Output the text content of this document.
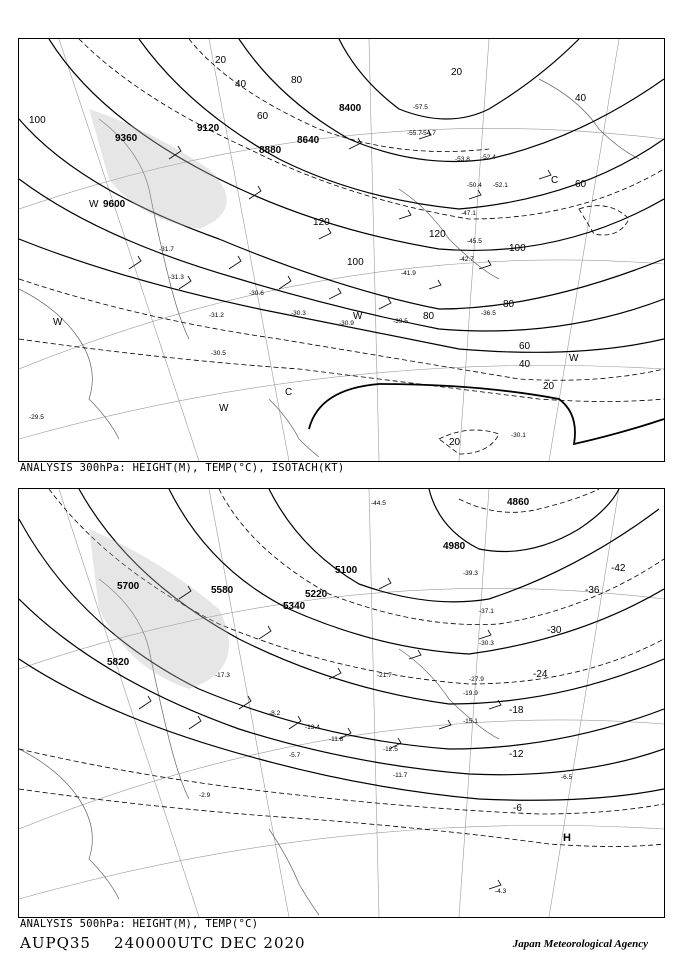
9360
9120
8880
8640
8400
9600
100
120
80
60
40
20
20
20
40
60
80
100
120
100
80
60
40
20
-31.7
-31.3
-30.6
-30.3
-31.2
-30.5
-30.9
-29.5
-30.1
-36.5
-39.5
-41.9
-42.7
-45.5
-47.1
-50.4 -52.1
-54.7
-55.7
-57.5
-53.8 -52.4
W
W
W
C
C
W
W
ANALYSIS 300hPa: HEIGHT(M), TEMP(°C), ISOTACH(KT)
5700
5820
5580
5340
5220
5100
4980
4860
-42
-36
-30
-24
-18
-12
-6
-44.5
-39.3
-37.1
-30.3
-27.9
-21.7
-19.9
-15.1
-12.5
-11.7	-6.5
-4.3
-17.3
-13.4
-11.8
-8.2
-5.7
-2.9
H
ANALYSIS 500hPa: HEIGHT(M), TEMP(°C)
AUPQ35 240000UTC DEC 2020	Japan Meteorological Agency
